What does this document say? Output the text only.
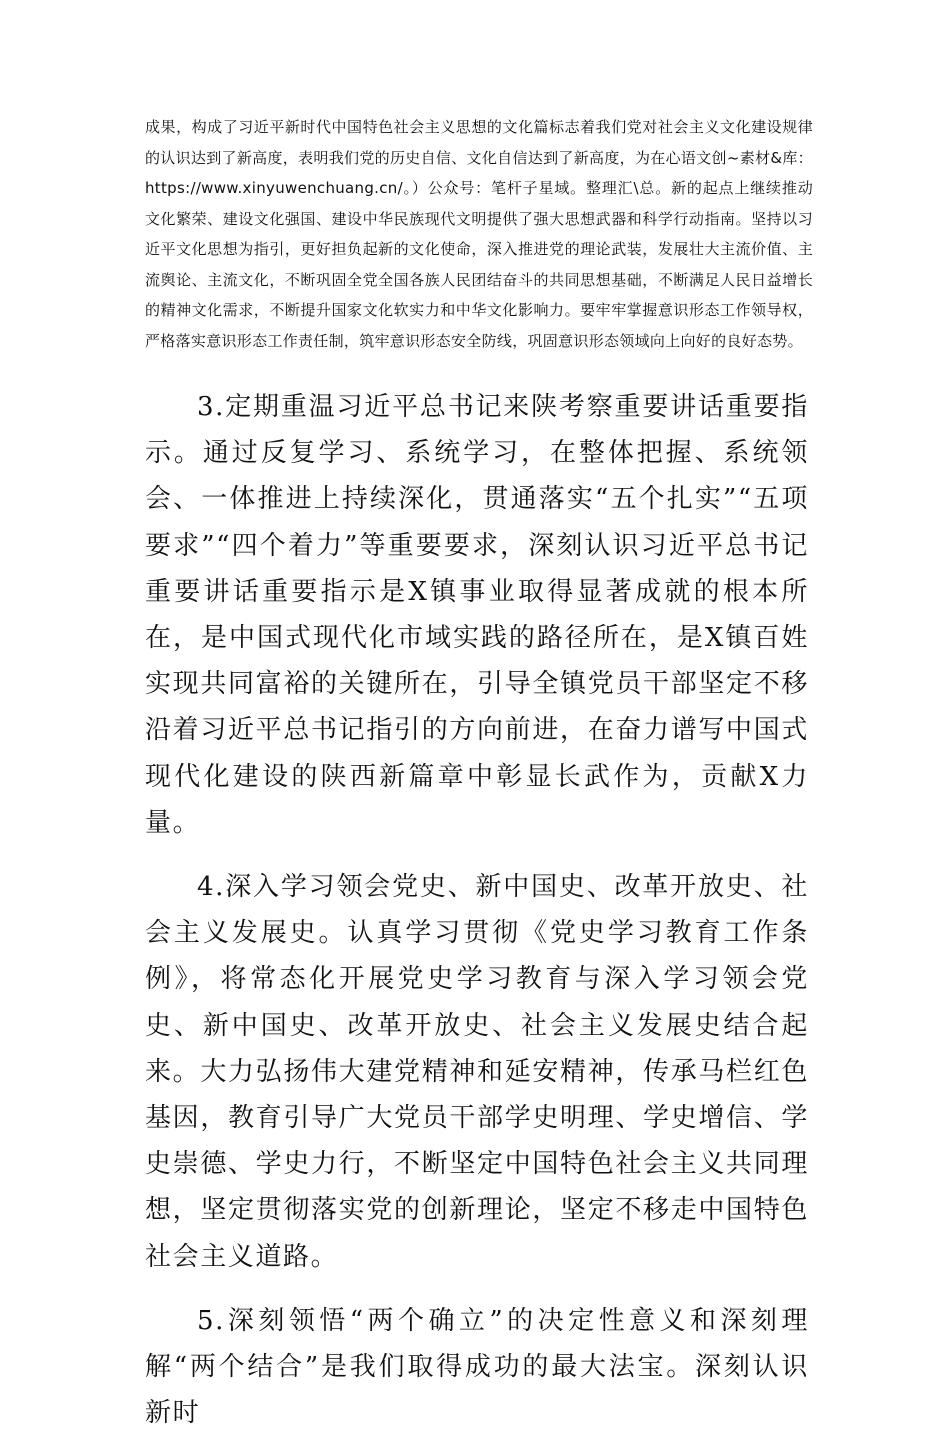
成果，构成了习近平新时代中国特色社会主义思想的文化篇标志着我们党对社会主义文化建设规律的认识达到了新高度，表明我们党的历史自信、文化自信达到了新高度，为在心语文创~素材&库：https://www.xinyuwenchuang.cn/。）公众号：笔杆子星域。整理汇\总。新的起点上继续推动文化繁荣、建设文化强国、建设中华民族现代文明提供了强大思想武器和科学行动指南。坚持以习近平文化思想为指引，更好担负起新的文化使命，深入推进党的理论武装，发展壮大主流价值、主流舆论、主流文化，不断巩固全党全国各族人民团结奋斗的共同思想基础，不断满足人民日益增长的精神文化需求，不断提升国家文化软实力和中华文化影响力。要牢牢掌握意识形态工作领导权，严格落实意识形态工作责任制，筑牢意识形态安全防线，巩固意识形态领域向上向好的良好态势。

3.定期重温习近平总书记来陕考察重要讲话重要指示。通过反复学习、系统学习，在整体把握、系统领会、一体推进上持续深化，贯通落实“五个扎实”“五项要求”“四个着力”等重要要求，深刻认识习近平总书记重要讲话重要指示是X镇事业取得显著成就的根本所在，是中国式现代化市域实践的路径所在，是X镇百姓实现共同富裕的关键所在，引导全镇党员干部坚定不移沿着习近平总书记指引的方向前进，在奋力谱写中国式现代化建设的陕西新篇章中彰显长武作为，贡献X力量。

4.深入学习领会党史、新中国史、改革开放史、社会主义发展史。认真学习贯彻《党史学习教育工作条例》，将常态化开展党史学习教育与深入学习领会党史、新中国史、改革开放史、社会主义发展史结合起来。大力弘扬伟大建党精神和延安精神，传承马栏红色基因，教育引导广大党员干部学史明理、学史增信、学史崇德、学史力行，不断坚定中国特色社会主义共同理想，坚定贯彻落实党的创新理论，坚定不移走中国特色社会主义道路。

5.深刻领悟“两个确立”的决定性意义和深刻理解“两个结合”是我们取得成功的最大法宝。深刻认识新时
